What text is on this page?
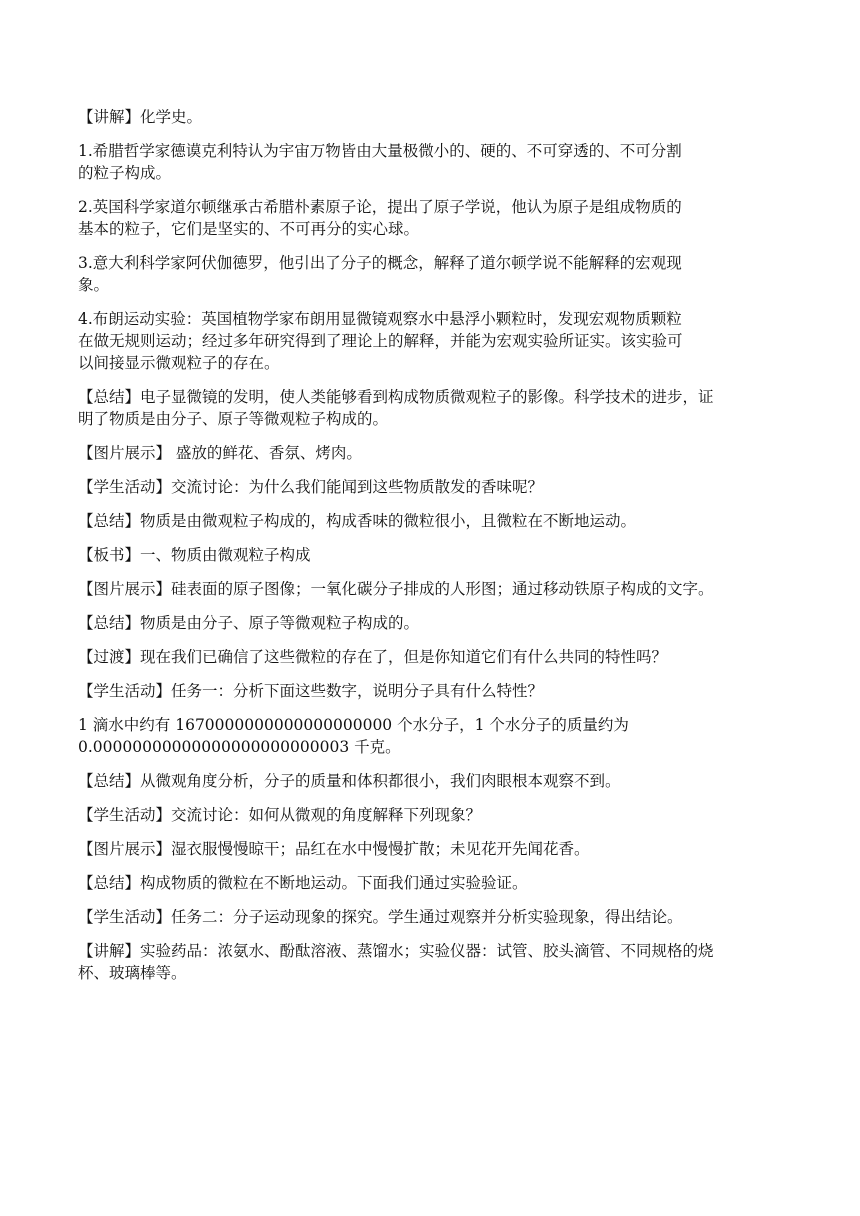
【讲解】化学史。
1.希腊哲学家德谟克利特认为宇宙万物皆由大量极微小的、硬的、不可穿透的、不可分割
的粒子构成。
2.英国科学家道尔顿继承古希腊朴素原子论，提出了原子学说，他认为原子是组成物质的
基本的粒子，它们是坚实的、不可再分的实心球。
3.意大利科学家阿伏伽德罗，他引出了分子的概念，解释了道尔顿学说不能解释的宏观现
象。
4.布朗运动实验：英国植物学家布朗用显微镜观察水中悬浮小颗粒时，发现宏观物质颗粒
在做无规则运动；经过多年研究得到了理论上的解释，并能为宏观实验所证实。该实验可
以间接显示微观粒子的存在。
【总结】电子显微镜的发明，使人类能够看到构成物质微观粒子的影像。科学技术的进步，证
明了物质是由分子、原子等微观粒子构成的。
【图片展示】 盛放的鲜花、香氛、烤肉。
【学生活动】交流讨论：为什么我们能闻到这些物质散发的香味呢？
【总结】物质是由微观粒子构成的，构成香味的微粒很小，且微粒在不断地运动。
【板书】一、物质由微观粒子构成
【图片展示】硅表面的原子图像；一氧化碳分子排成的人形图；通过移动铁原子构成的文字。
【总结】物质是由分子、原子等微观粒子构成的。
【过渡】现在我们已确信了这些微粒的存在了，但是你知道它们有什么共同的特性吗？
【学生活动】任务一：分析下面这些数字，说明分子具有什么特性？
1 滴水中约有 1670000000000000000000 个水分子，1 个水分子的质量约为
0.00000000000000000000000003 千克。
【总结】从微观角度分析，分子的质量和体积都很小，我们肉眼根本观察不到。
【学生活动】交流讨论：如何从微观的角度解释下列现象？
【图片展示】湿衣服慢慢晾干；品红在水中慢慢扩散；未见花开先闻花香。
【总结】构成物质的微粒在不断地运动。下面我们通过实验验证。
【学生活动】任务二：分子运动现象的探究。学生通过观察并分析实验现象，得出结论。
【讲解】实验药品：浓氨水、酚酞溶液、蒸馏水；实验仪器：试管、胶头滴管、不同规格的烧
杯、玻璃棒等。
